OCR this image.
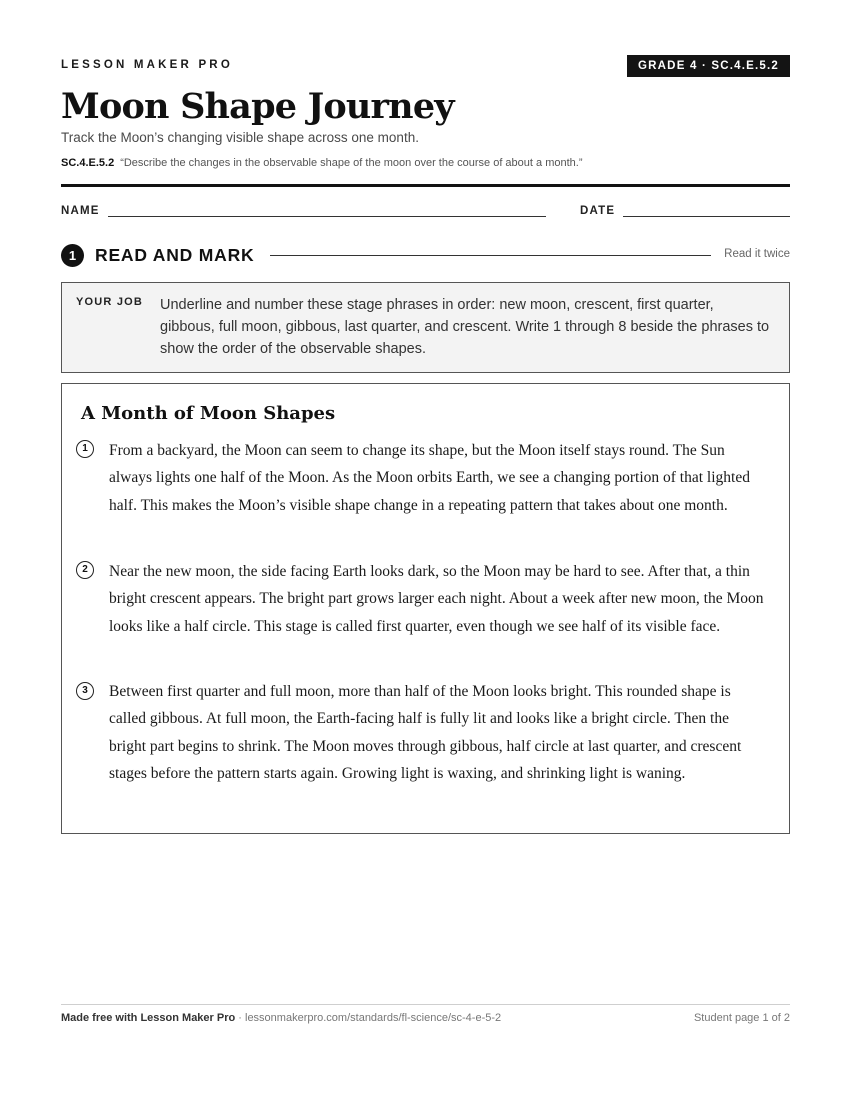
LESSON MAKER PRO	GRADE 4 · SC.4.E.5.2
Moon Shape Journey
Track the Moon’s changing visible shape across one month.
SC.4.E.5.2 “Describe the changes in the observable shape of the moon over the course of about a month.”
NAME	DATE
1	READ AND MARK	Read it twice
YOUR JOB Underline and number these stage phrases in order: new moon, crescent, first quarter, gibbous, full moon, gibbous, last quarter, and crescent. Write 1 through 8 beside the phrases to show the order of the observable shapes.
A Month of Moon Shapes
1	From a backyard, the Moon can seem to change its shape, but the Moon itself stays round. The Sun always lights one half of the Moon. As the Moon orbits Earth, we see a changing portion of that lighted half. This makes the Moon’s visible shape change in a repeating pattern that takes about one month.
2	Near the new moon, the side facing Earth looks dark, so the Moon may be hard to see. After that, a thin bright crescent appears. The bright part grows larger each night. About a week after new moon, the Moon looks like a half circle. This stage is called first quarter, even though we see half of its visible face.
3	Between first quarter and full moon, more than half of the Moon looks bright. This rounded shape is called gibbous. At full moon, the Earth-facing half is fully lit and looks like a bright circle. Then the bright part begins to shrink. The Moon moves through gibbous, half circle at last quarter, and crescent stages before the pattern starts again. Growing light is waxing, and shrinking light is waning.
Made free with Lesson Maker Pro · lessonmakerpro.com/standards/fl-science/sc-4-e-5-2	Student page 1 of 2
